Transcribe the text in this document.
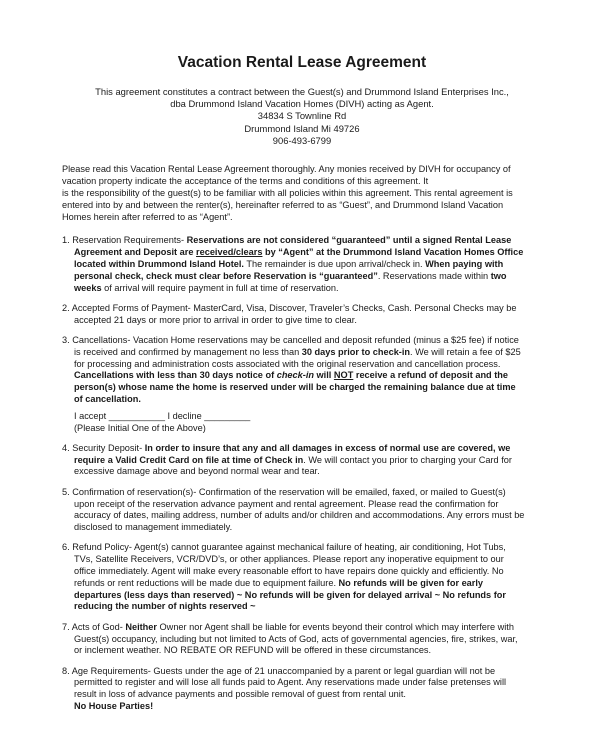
Vacation Rental Lease Agreement
This agreement constitutes a contract between the Guest(s) and Drummond Island Enterprises Inc.,
dba Drummond Island Vacation Homes (DIVH) acting as Agent.
34834 S Townline Rd
Drummond Island Mi 49726
906-493-6799
Please read this Vacation Rental Lease Agreement thoroughly. Any monies received by DIVH for occupancy of
vacation property indicate the acceptance of the terms and conditions of this agreement. It
is the responsibility of the guest(s) to be familiar with all policies within this agreement. This rental agreement is
entered into by and between the renter(s), hereinafter referred to as “Guest”, and Drummond Island Vacation
Homes herein after referred to as “Agent”.
1. Reservation Requirements- Reservations are not considered “guaranteed” until a signed Rental Lease
Agreement and Deposit are received/clears by “Agent” at the Drummond Island Vacation Homes Office
located within Drummond Island Hotel. The remainder is due upon arrival/check in. When paying with
personal check, check must clear before Reservation is “guaranteed”. Reservations made within two
weeks of arrival will require payment in full at time of reservation.
2. Accepted Forms of Payment- MasterCard, Visa, Discover, Traveler’s Checks, Cash. Personal Checks may be
accepted 21 days or more prior to arrival in order to give time to clear.
3. Cancellations- Vacation Home reservations may be cancelled and deposit refunded (minus a $25 fee) if notice
is received and confirmed by management no less than 30 days prior to check-in. We will retain a fee of $25
for processing and administration costs associated with the original reservation and cancellation process.
Cancellations with less than 30 days notice of check-in will NOT receive a refund of deposit and the
person(s) whose name the home is reserved under will be charged the remaining balance due at time
of cancellation.
I accept ___________ I decline _________
(Please Initial One of the Above)
4. Security Deposit- In order to insure that any and all damages in excess of normal use are covered, we
require a Valid Credit Card on file at time of Check in. We will contact you prior to charging your Card for
excessive damage above and beyond normal wear and tear.
5. Confirmation of reservation(s)- Confirmation of the reservation will be emailed, faxed, or mailed to Guest(s)
upon receipt of the reservation advance payment and rental agreement. Please read the confirmation for
accuracy of dates, mailing address, number of adults and/or children and accommodations. Any errors must be
disclosed to management immediately.
6. Refund Policy- Agent(s) cannot guarantee against mechanical failure of heating, air conditioning, Hot Tubs,
TVs, Satellite Receivers, VCR/DVD’s, or other appliances. Please report any inoperative equipment to our
office immediately. Agent will make every reasonable effort to have repairs done quickly and efficiently. No
refunds or rent reductions will be made due to equipment failure. No refunds will be given for early
departures (less days than reserved) ~ No refunds will be given for delayed arrival ~ No refunds for
reducing the number of nights reserved ~
7. Acts of God- Neither Owner nor Agent shall be liable for events beyond their control which may interfere with
Guest(s) occupancy, including but not limited to Acts of God, acts of governmental agencies, fire, strikes, war,
or inclement weather. NO REBATE OR REFUND will be offered in these circumstances.
8. Age Requirements- Guests under the age of 21 unaccompanied by a parent or legal guardian will not be
permitted to register and will lose all funds paid to Agent. Any reservations made under false pretenses will
result in loss of advance payments and possible removal of guest from rental unit.
No House Parties!
